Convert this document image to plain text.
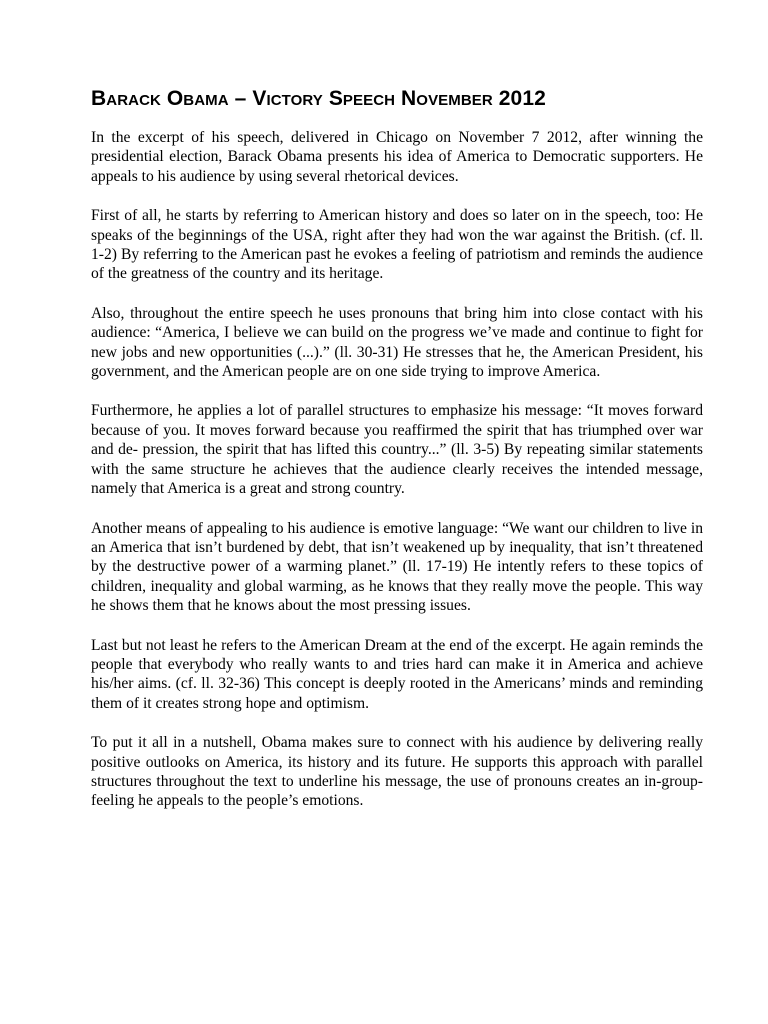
Barack Obama – Victory Speech November 2012

In the excerpt of his speech, delivered in Chicago on November 7 2012, after winning the presidential election, Barack Obama presents his idea of America to Democratic supporters. He appeals to his audience by using several rhetorical devices.

First of all, he starts by referring to American history and does so later on in the speech, too: He speaks of the beginnings of the USA, right after they had won the war against the British. (cf. ll. 1-2) By referring to the American past he evokes a feeling of patriotism and reminds the audience of the greatness of the country and its heritage.

Also, throughout the entire speech he uses pronouns that bring him into close contact with his audience: “America, I believe we can build on the progress we’ve made and continue to fight for new jobs and new opportunities (...).” (ll. 30-31) He stresses that he, the American President, his government, and the American people are on one side trying to improve America.

Furthermore, he applies a lot of parallel structures to emphasize his message: “It moves forward because of you. It moves forward because you reaffirmed the spirit that has triumphed over war and de- pression, the spirit that has lifted this country...” (ll. 3-5) By repeating similar statements with the same structure he achieves that the audience clearly receives the intended message, namely that America is a great and strong country.

Another means of appealing to his audience is emotive language: “We want our children to live in an America that isn’t burdened by debt, that isn’t weakened up by inequality, that isn’t threatened by the destructive power of a warming planet.” (ll. 17-19) He intently refers to these topics of children, inequality and global warming, as he knows that they really move the people. This way he shows them that he knows about the most pressing issues.

Last but not least he refers to the American Dream at the end of the excerpt. He again reminds the people that everybody who really wants to and tries hard can make it in America and achieve his/her aims. (cf. ll. 32-36) This concept is deeply rooted in the Americans’ minds and reminding them of it creates strong hope and optimism.

To put it all in a nutshell, Obama makes sure to connect with his audience by delivering really positive outlooks on America, its history and its future. He supports this approach with parallel structures throughout the text to underline his message, the use of pronouns creates an in-group- feeling he appeals to the people’s emotions.
